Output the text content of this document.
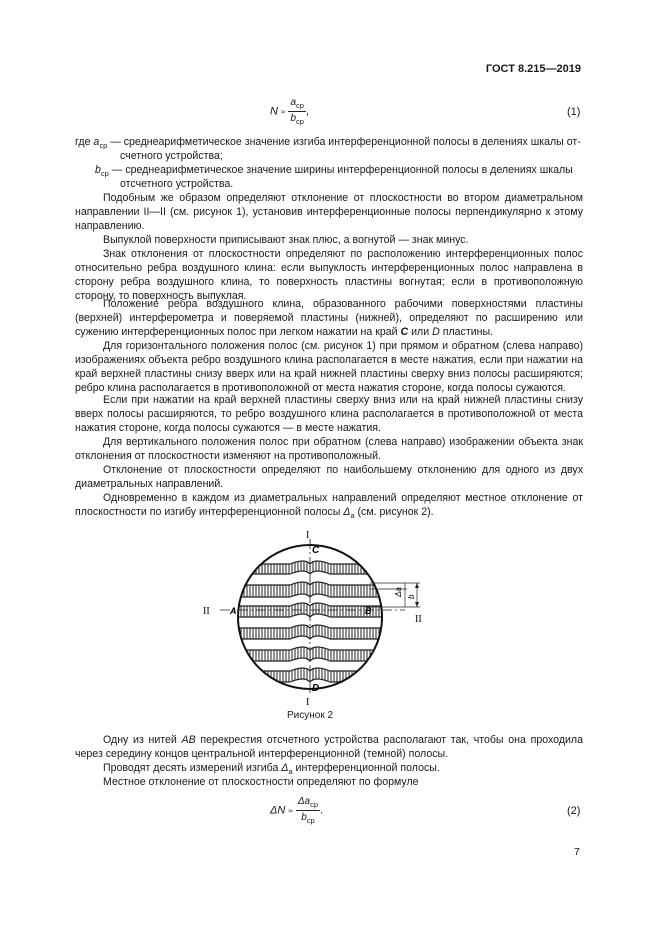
ГОСТ 8.215—2019
$N \approx \frac{a_{ср}}{b_{ср}}$ ,	(1)
где $a_{ср}$ — среднеарифметическое значение изгиба интерференционной полосы в делениях шкалы от-
счетного устройства;
$b_{ср}$ — среднеарифметическое значение ширины интерференционной полосы в делениях шкалы
отсчетного устройства.
Подобным же образом определяют отклонение от плоскостности во втором диаметральном направлении II—II (см. рисунок 1), установив интерференционные полосы перпендикулярно к этому направлению.
Выпуклой поверхности приписывают знак плюс, а вогнутой — знак минус.
Знак отклонения от плоскостности определяют по расположению интерференционных полос относительно ребра воздушного клина: если выпуклость интерференционных полос направлена в сторону ребра воздушного клина, то поверхность пластины вогнутая; если в противоположную сторону, то поверхность выпуклая.
Положение ребра воздушного клина, образованного рабочими поверхностями пластины (верхней) интерферометра и поверяемой пластины (нижней), определяют по расширению или сужению интерференционных полос при легком нажатии на край C или D пластины.
Для горизонтального положения полос (см. рисунок 1) при прямом и обратном (слева направо) изображениях объекта ребро воздушного клина располагается в месте нажатия, если при нажатии на край верхней пластины снизу вверх или на край нижней пластины сверху вниз полосы расширяются; ребро клина располагается в противоположной от места нажатия стороне, когда полосы сужаются.
Если при нажатии на край верхней пластины сверху вниз или на край нижней пластины снизу вверх полосы расширяются, то ребро воздушного клина располагается в противоположной от места нажатия стороне, когда полосы сужаются — в месте нажатия.
Для вертикального положения полос при обратном (слева направо) изображении объекта знак отклонения от плоскостности изменяют на противоположный.
Отклонение от плоскостности определяют по наибольшему отклонению для одного из двух диаметральных направлений.
Одновременно в каждом из диаметральных направлений определяют местное отклонение от плоскостности по изгибу интерференционной полосы $\Delta_а$ (см. рисунок 2).
C
D
A	B
I
I
II
II
Δa b
Рисунок 2
Одну из нитей AB перекрестия отсчетного устройства располагают так, чтобы она проходила через середину концов центральной интерференционной (темной) полосы.
Проводят десять измерений изгиба $\Delta_а$ интерференционной полосы.
Местное отклонение от плоскостности определяют по формуле
$\Delta N \approx \frac{\Delta a_{ср}}{b_{ср}}$ .	(2)
7
